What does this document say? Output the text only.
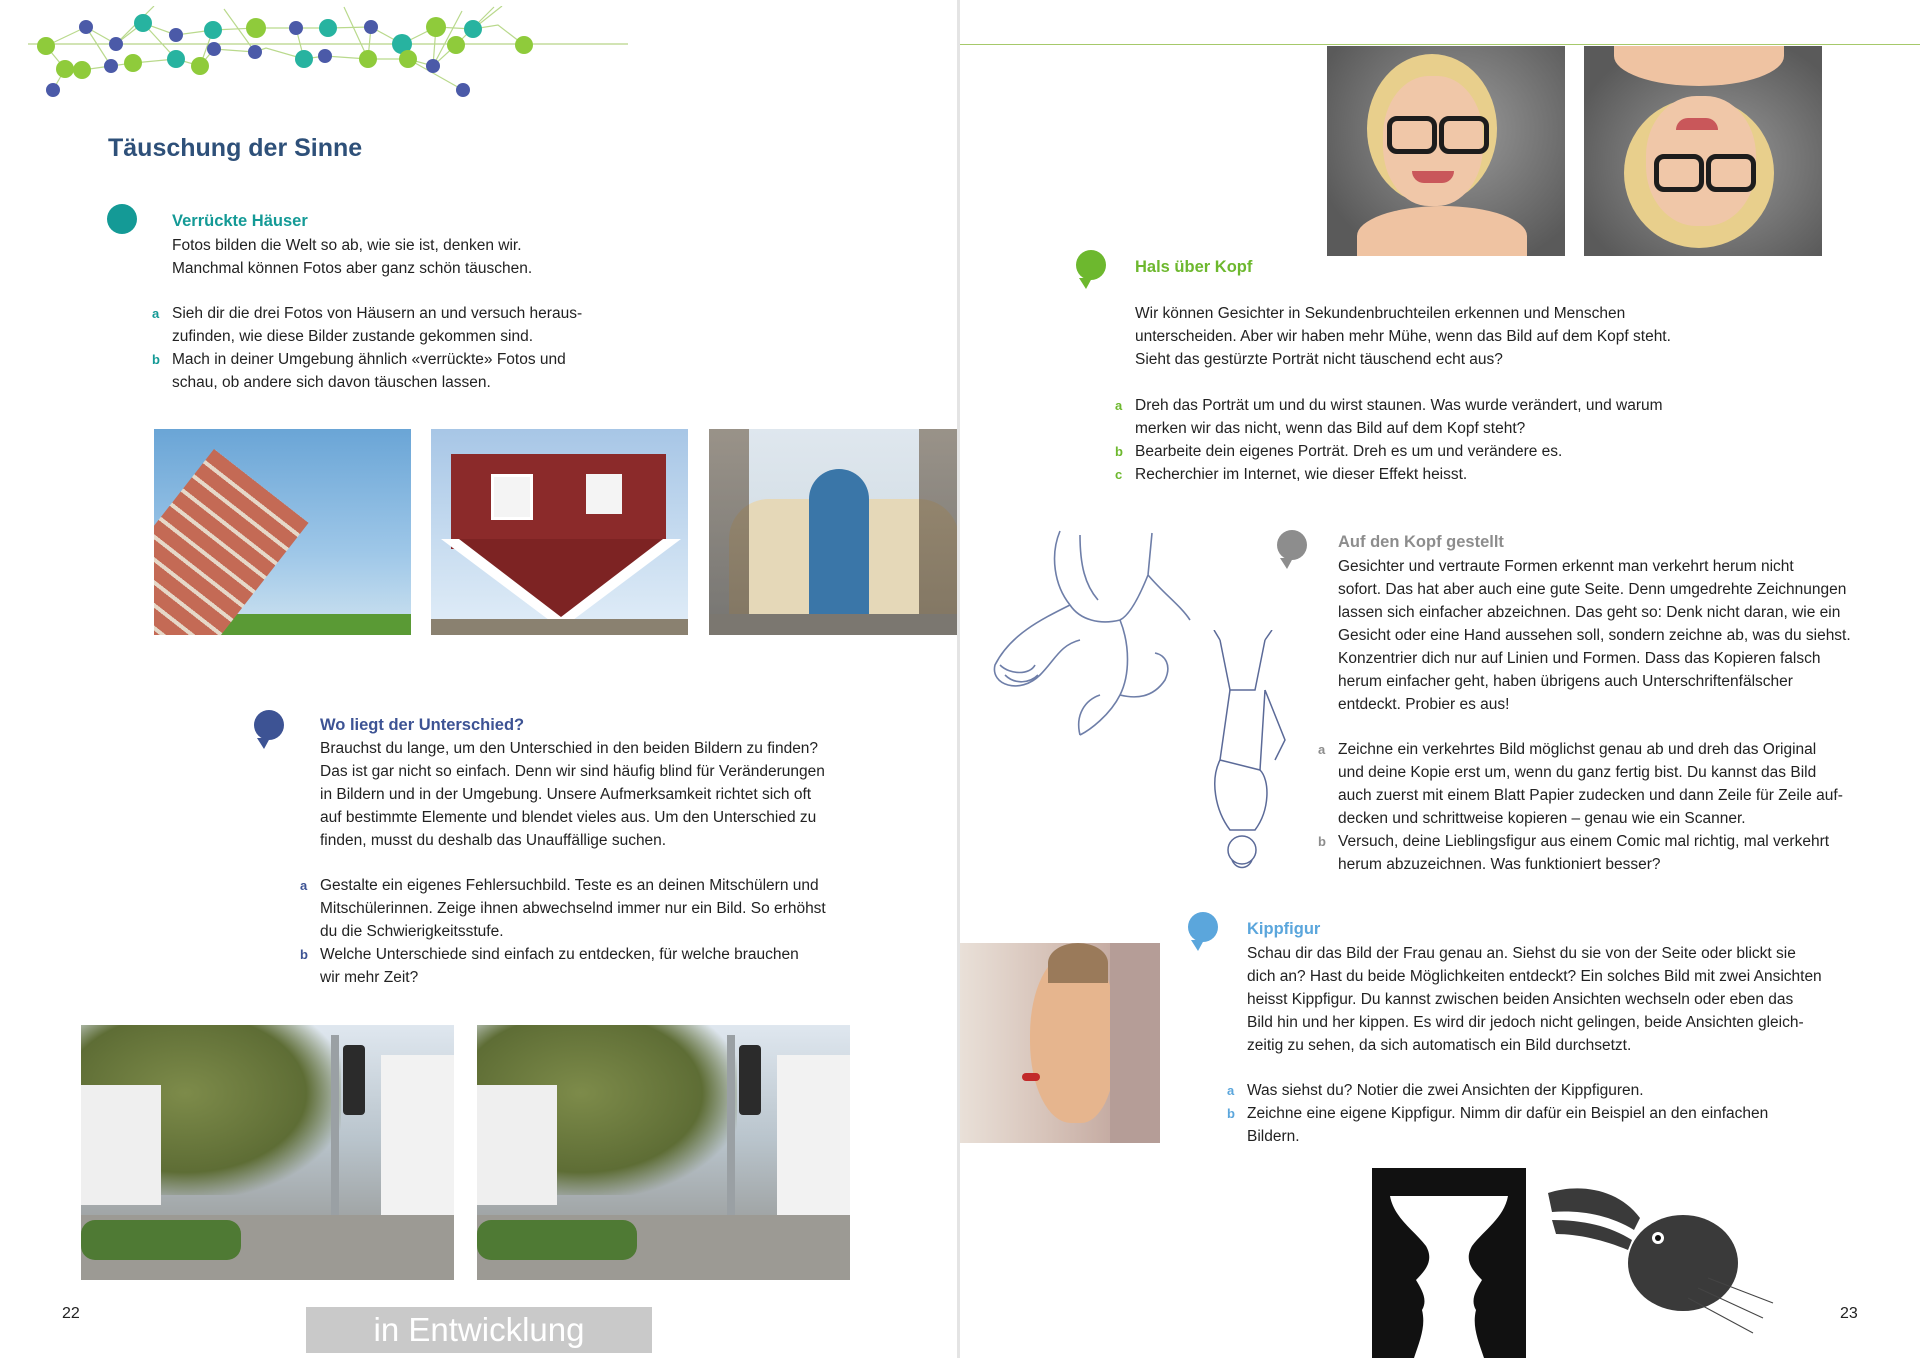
Täuschung der Sinne
Verrückte Häuser
Fotos bilden die Welt so ab, wie sie ist, denken wir.
Manchmal können Fotos aber ganz schön täuschen.
a Sieh dir die drei Fotos von Häusern an und versuch heraus-
zufinden, wie diese Bilder zustande gekommen sind.
b Mach in deiner Umgebung ähnlich «verrückte» Fotos und
schau, ob andere sich davon täuschen lassen.
Wo liegt der Unterschied?
Brauchst du lange, um den Unterschied in den beiden Bildern zu finden?
Das ist gar nicht so einfach. Denn wir sind häufig blind für Veränderungen
in Bildern und in der Umgebung. Unsere Aufmerksamkeit richtet sich oft
auf bestimmte Elemente und blendet vieles aus. Um den Unterschied zu
finden, musst du deshalb das Unauffällige suchen.
a Gestalte ein eigenes Fehlersuchbild. Teste es an deinen Mitschülern und
Mitschülerinnen. Zeige ihnen abwechselnd immer nur ein Bild. So erhöhst
du die Schwierigkeitsstufe.
b Welche Unterschiede sind einfach zu entdecken, für welche brauchen
wir mehr Zeit?
22	in Entwicklung
Hals über Kopf
Wir können Gesichter in Sekundenbruchteilen erkennen und Menschen
unterscheiden. Aber wir haben mehr Mühe, wenn das Bild auf dem Kopf steht.
Sieht das gestürzte Porträt nicht täuschend echt aus?
a Dreh das Porträt um und du wirst staunen. Was wurde verändert, und warum
merken wir das nicht, wenn das Bild auf dem Kopf steht?
b Bearbeite dein eigenes Porträt. Dreh es um und verändere es.
c Recherchier im Internet, wie dieser Effekt heisst.
Auf den Kopf gestellt
Gesichter und vertraute Formen erkennt man verkehrt herum nicht
sofort. Das hat aber auch eine gute Seite. Denn umgedrehte Zeichnungen
lassen sich einfacher abzeichnen. Das geht so: Denk nicht daran, wie ein
Gesicht oder eine Hand aussehen soll, sondern zeichne ab, was du siehst.
Konzentrier dich nur auf Linien und Formen. Dass das Kopieren falsch
herum einfacher geht, haben übrigens auch Unterschriftenfälscher
entdeckt. Probier es aus!
a Zeichne ein verkehrtes Bild möglichst genau ab und dreh das Original
und deine Kopie erst um, wenn du ganz fertig bist. Du kannst das Bild
auch zuerst mit einem Blatt Papier zudecken und dann Zeile für Zeile auf-
decken und schrittweise kopieren – genau wie ein Scanner.
b Versuch, deine Lieblingsfigur aus einem Comic mal richtig, mal verkehrt
herum abzuzeichnen. Was funktioniert besser?
Kippfigur
Schau dir das Bild der Frau genau an. Siehst du sie von der Seite oder blickt sie
dich an? Hast du beide Möglichkeiten entdeckt? Ein solches Bild mit zwei Ansichten
heisst Kippfigur. Du kannst zwischen beiden Ansichten wechseln oder eben das
Bild hin und her kippen. Es wird dir jedoch nicht gelingen, beide Ansichten gleich-
zeitig zu sehen, da sich automatisch ein Bild durchsetzt.
a Was siehst du? Notier die zwei Ansichten der Kippfiguren.
b Zeichne eine eigene Kippfigur. Nimm dir dafür ein Beispiel an den einfachen
Bildern.
23
